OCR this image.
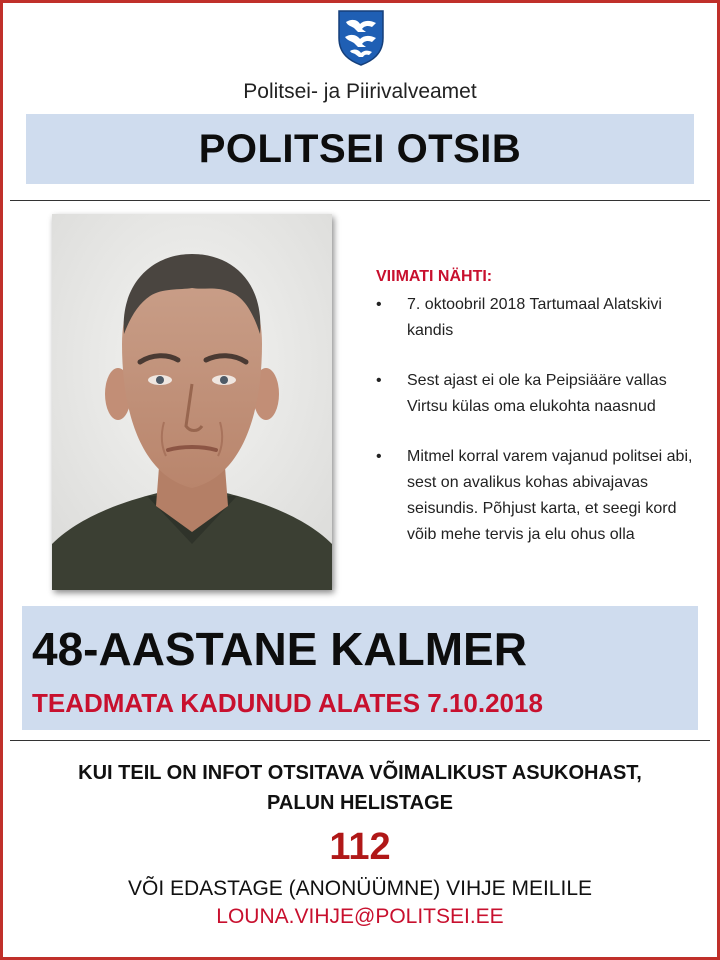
Politsei- ja Piirivalveamet
POLITSEI OTSIB
VIIMATI NÄHTI:
• 7. oktoobril 2018 Tartumaal Alatskivi kandis
• Sest ajast ei ole ka Peipsiääre vallas Virtsu külas oma elukohta naasnud
• Mitmel korral varem vajanud politsei abi, sest on avalikus kohas abivajavas seisundis. Põhjust karta, et seegi kord võib mehe tervis ja elu ohus olla
48-AASTANE KALMER
TEADMATA KADUNUD ALATES 7.10.2018
KUI TEIL ON INFOT OTSITAVA VÕIMALIKUST ASUKOHAST,
PALUN HELISTAGE
112
VÕI EDASTAGE (ANONÜÜMNE) VIHJE MEILILE
LOUNA.VIHJE@POLITSEI.EE
